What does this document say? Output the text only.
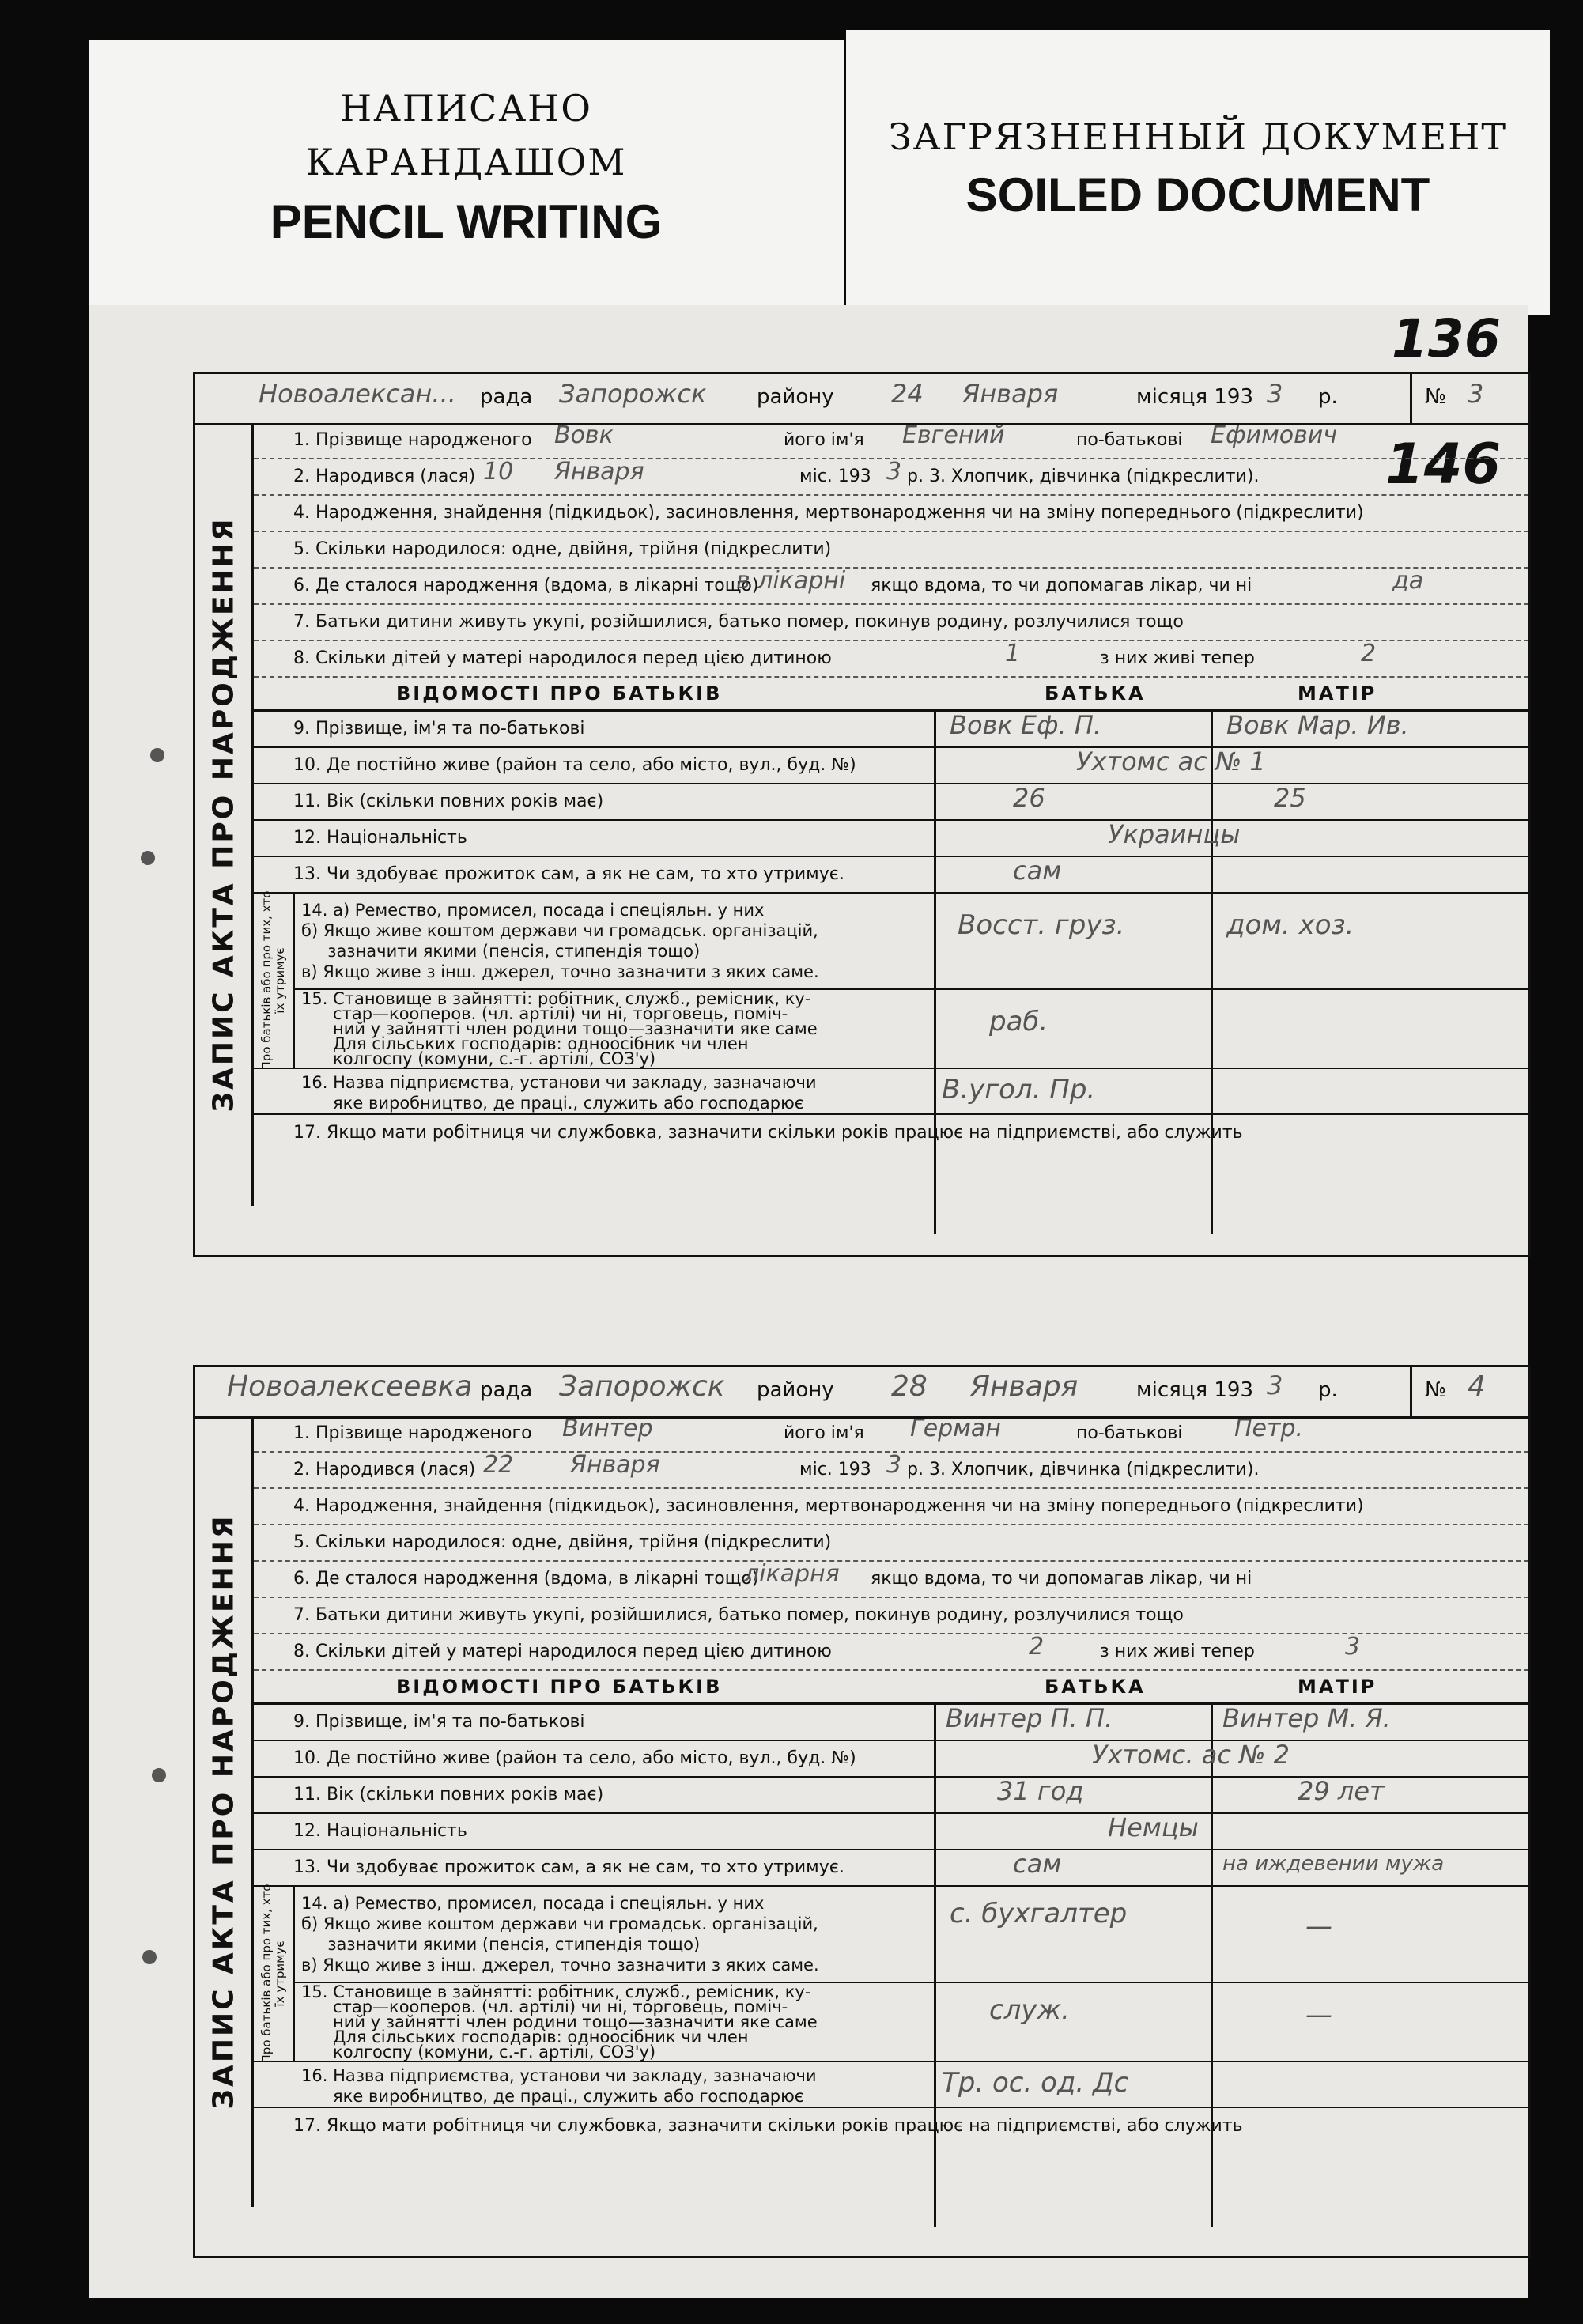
НАПИСАНО
КАРАНДАШОМ
PENCIL WRITING
ЗАГРЯЗНЕННЫЙ ДОКУМЕНТ
SOILED DOCUMENT
136
146
Новоалексан... рада Запорожск району 24 Января	місяця 193 3 р.	№ 3
ЗАПИС АКТА ПРО НАРОДЖЕННЯ
1. Прізвище народженого Вовк	його ім'я Евгений	по-батькові Ефимович
2. Народився (лася) 10 Января	міс. 193 3 р. 3. Хлопчик, дівчинка (підкреслити).
4. Народження, знайдення (підкидьок), засиновлення, мертвонародження чи на зміну попереднього (підкреслити)
5. Скільки народилося: одне, двійня, трійня (підкреслити)
6. Де сталося народження (вдома, в лікарні тощо)
в лікарні якщо вдома, то чи допомагав лікар, чи ні	да
7. Батьки дитини живуть укупі, розійшилися, батько помер, покинув родину, розлучилися тощо
8. Скільки дітей у матері народилося перед цією дитиною	1	з них живі тепер	2
ВІДОМОСТІ ПРО БАТЬКІВ	БАТЬКА	МАТІР
9. Прізвище, ім'я та по-батькові	Вовк Еф. П.	Вовк Мар. Ив.
10. Де постійно живе (район та село, або місто, вул., буд. №)	Ухтомс ас № 1
11. Вік (скільки повних років має)	26	25
12. Національність	Украинцы
13. Чи здобуває прожиток сам, а як не сам, то хто утримує.	сам
Про батьків або про тих, хто
їх утримує
14. а) Ремество, промисел, посада і спеціяльн. у них
б) Якщо живе коштом держави чи громадськ. організацій,
зазначити якими (пенсія, стипендія тощо)
в) Якщо живе з інш. джерел, точно зазначити з яких саме.
Восст. груз.	дом. хоз.
15. Становище в зайнятті: робітник, служб., ремісник, ку-
стар—кооперов. (чл. артілі) чи ні, торговець, поміч-
ний у зайнятті член родини тощо—зазначити яке саме
Для сільських господарів: одноосібник чи член
колгоспу (комуни, с.-г. артілі, СОЗ'у)
раб.
16. Назва підприємства, установи чи закладу, зазначаючи
яке виробництво, де праці., служить або господарює	В.угол. Пр.
17. Якщо мати робітниця чи службовка, зазначити скільки років працює на підприємстві, або служить
Новоалексеевка рада Запорожск району 28 Января	місяця 193 3 р.	№ 4
ЗАПИС АКТА ПРО НАРОДЖЕННЯ
1. Прізвище народженого Винтер	його ім'я Герман	по-батькові Петр.
2. Народився (лася) 22 Января	міс. 193 3 р. 3. Хлопчик, дівчинка (підкреслити).
4. Народження, знайдення (підкидьок), засиновлення, мертвонародження чи на зміну попереднього (підкреслити)
5. Скільки народилося: одне, двійня, трійня (підкреслити)
6. Де сталося народження (вдома, в лікарні тощо)
лікарня якщо вдома, то чи допомагав лікар, чи ні
7. Батьки дитини живуть укупі, розійшилися, батько помер, покинув родину, розлучилися тощо
8. Скільки дітей у матері народилося перед цією дитиною	2	з них живі тепер	3
ВІДОМОСТІ ПРО БАТЬКІВ	БАТЬКА	МАТІР
9. Прізвище, ім'я та по-батькові	Винтер П. П.	Винтер М. Я.
10. Де постійно живе (район та село, або місто, вул., буд. №)	Ухтомс. ас № 2
11. Вік (скільки повних років має)	31 год	29 лет
12. Національність	Немцы
13. Чи здобуває прожиток сам, а як не сам, то хто утримує.	сам	на иждевении мужа
Про батьків або про тих, хто
їх утримує
14. а) Ремество, промисел, посада і спеціяльн. у них
б) Якщо живе коштом держави чи громадськ. організацій,
зазначити якими (пенсія, стипендія тощо)
в) Якщо живе з інш. джерел, точно зазначити з яких саме.
с. бухгалтер	—
15. Становище в зайнятті: робітник, служб., ремісник, ку-
стар—кооперов. (чл. артілі) чи ні, торговець, поміч-
ний у зайнятті член родини тощо—зазначити яке саме
Для сільських господарів: одноосібник чи член
колгоспу (комуни, с.-г. артілі, СОЗ'у)
служ.	—
16. Назва підприємства, установи чи закладу, зазначаючи
яке виробництво, де праці., служить або господарює	Тр. ос. од. Дс
17. Якщо мати робітниця чи службовка, зазначити скільки років працює на підприємстві, або служить
